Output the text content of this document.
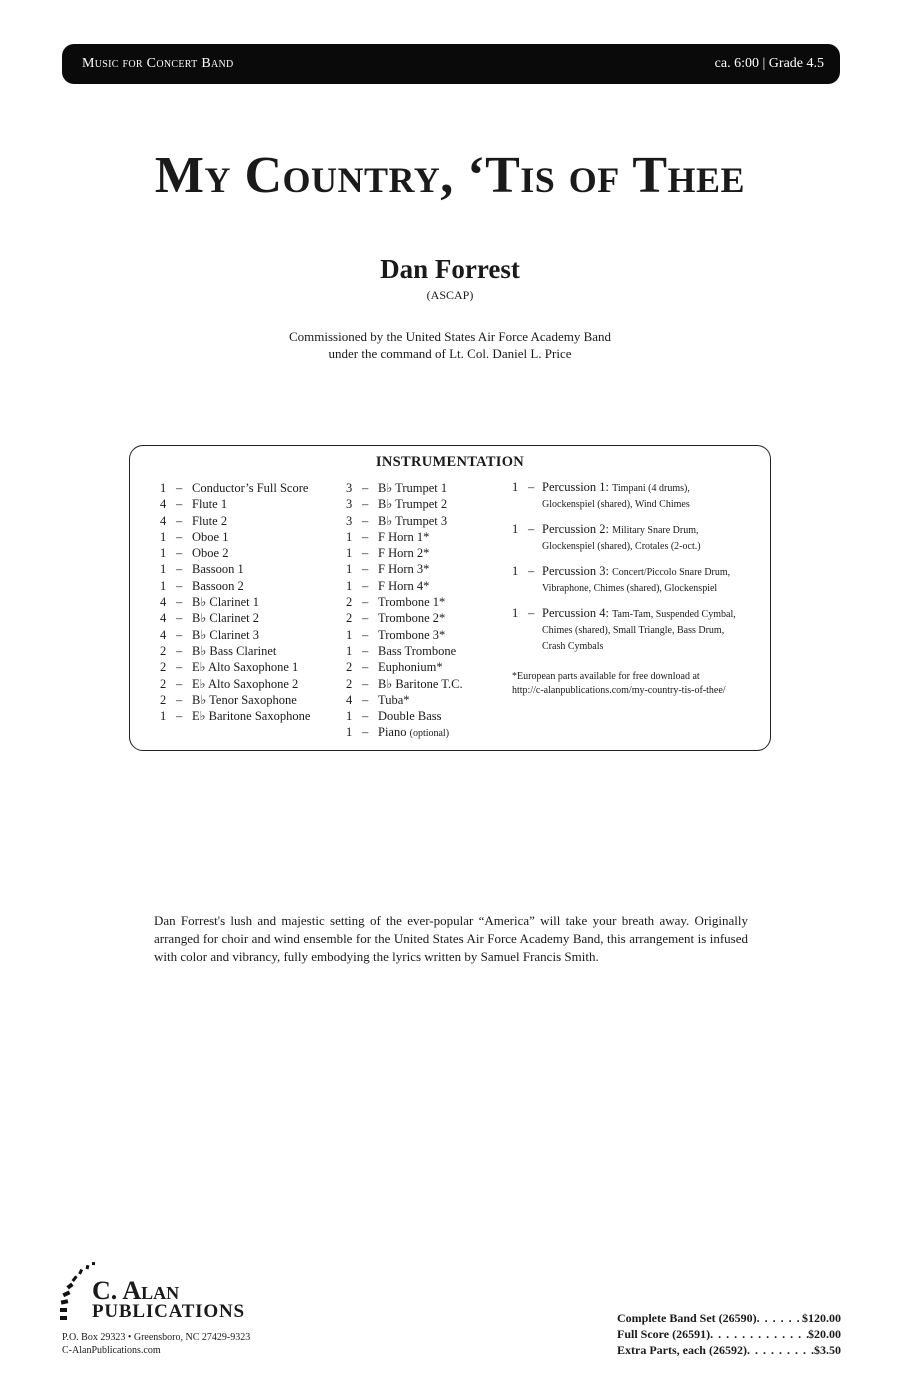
Music for Concert Band	ca. 6:00 | Grade 4.5
My Country, ‘Tis of Thee
Dan Forrest
(ASCAP)
Commissioned by the United States Air Force Academy Band
under the command of Lt. Col. Daniel L. Price
INSTRUMENTATION
1 – Conductor’s Full Score
4 – Flute 1
4 – Flute 2
1 – Oboe 1
1 – Oboe 2
1 – Bassoon 1
1 – Bassoon 2
4 – B♭ Clarinet 1
4 – B♭ Clarinet 2
4 – B♭ Clarinet 3
2 – B♭ Bass Clarinet
2 – E♭ Alto Saxophone 1
2 – E♭ Alto Saxophone 2
2 – B♭ Tenor Saxophone
1 – E♭ Baritone Saxophone
3 – B♭ Trumpet 1
3 – B♭ Trumpet 2
3 – B♭ Trumpet 3
1 – F Horn 1*
1 – F Horn 2*
1 – F Horn 3*
1 – F Horn 4*
2 – Trombone 1*
2 – Trombone 2*
1 – Trombone 3*
1 – Bass Trombone
2 – Euphonium*
2 – B♭ Baritone T.C.
4 – Tuba*
1 – Double Bass
1 – Piano (optional)
1 – Percussion 1: Timpani (4 drums),
Glockenspiel (shared), Wind Chimes
1 – Percussion 2: Military Snare Drum,
Glockenspiel (shared), Crotales (2-oct.)
1 – Percussion 3: Concert/Piccolo Snare Drum,
Vibraphone, Chimes (shared), Glockenspiel
1 – Percussion 4: Tam-Tam, Suspended Cymbal,
Chimes (shared), Small Triangle, Bass Drum,
Crash Cymbals
*European parts available for free download at
http://c-alanpublications.com/my-country-tis-of-thee/
Dan Forrest's lush and majestic setting of the ever-popular “America” will take your breath away. Originally arranged for choir and wind ensemble for the United States Air Force Academy Band, this arrangement is infused with color and vibrancy, fully embodying the lyrics written by Samuel Francis Smith.
C. Alan
PUBLICATIONS
P.O. Box 29323 • Greensboro, NC 27429-9323
C-AlanPublications.com
Complete Band Set (26590) . . .	$120.00
Full Score (26591) . . .	$20.00
Extra Parts, each (26592) . . .	$3.50
